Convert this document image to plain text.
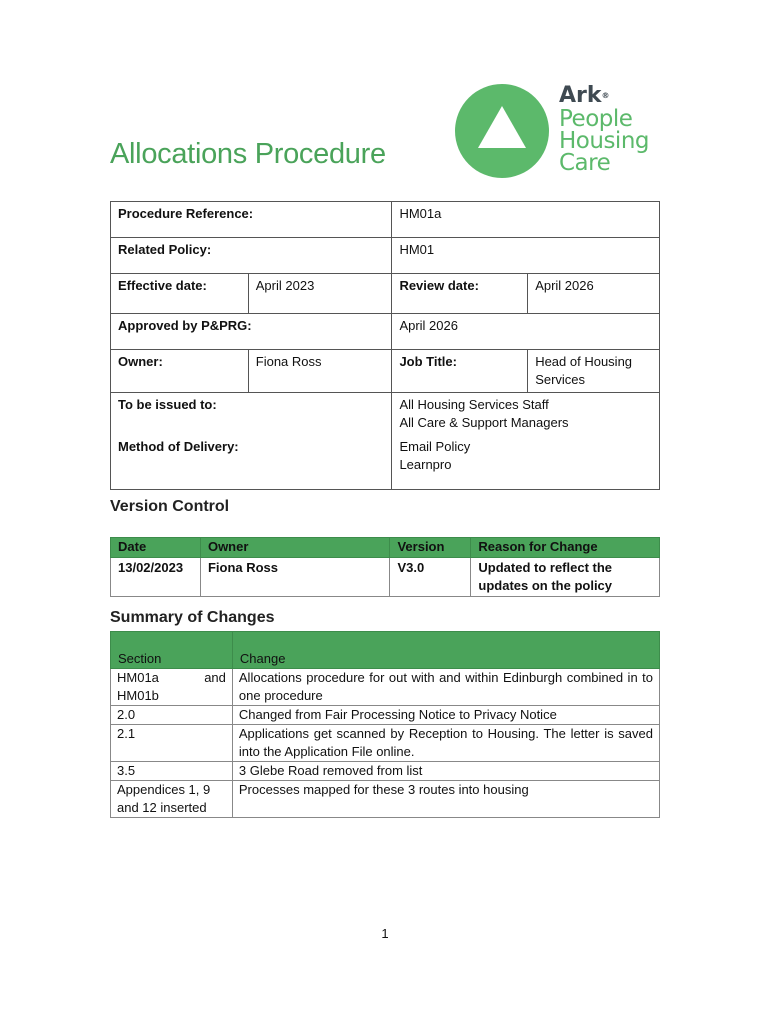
Ark®
People
Housing
Care
Allocations Procedure
Procedure Reference:		HM01a	
Related Policy:		HM01	
Effective date:	April 2023	Review date:	April 2026
Approved by P&PRG:		April 2026	
Owner:	Fiona Ross	Job Title:	Head of Housing Services
To be issued to:		All Housing Services Staff
All Care & Support Managers	

Method of Delivery:		Email Policy
Learnpro	
Version Control
Date	Owner	Version	Reason for Change
13/02/2023	Fiona Ross	V3.0	Updated to reflect the updates on the policy
Summary of Changes
Section	Change
HM01a and HM01b	Allocations procedure for out with and within Edinburgh combined in to one procedure
2.0	Changed from Fair Processing Notice to Privacy Notice
2.1	Applications get scanned by Reception to Housing. The letter is saved into the Application File online.
3.5	3 Glebe Road removed from list
Appendices 1, 9 and 12 inserted	Processes mapped for these 3 routes into housing
1
